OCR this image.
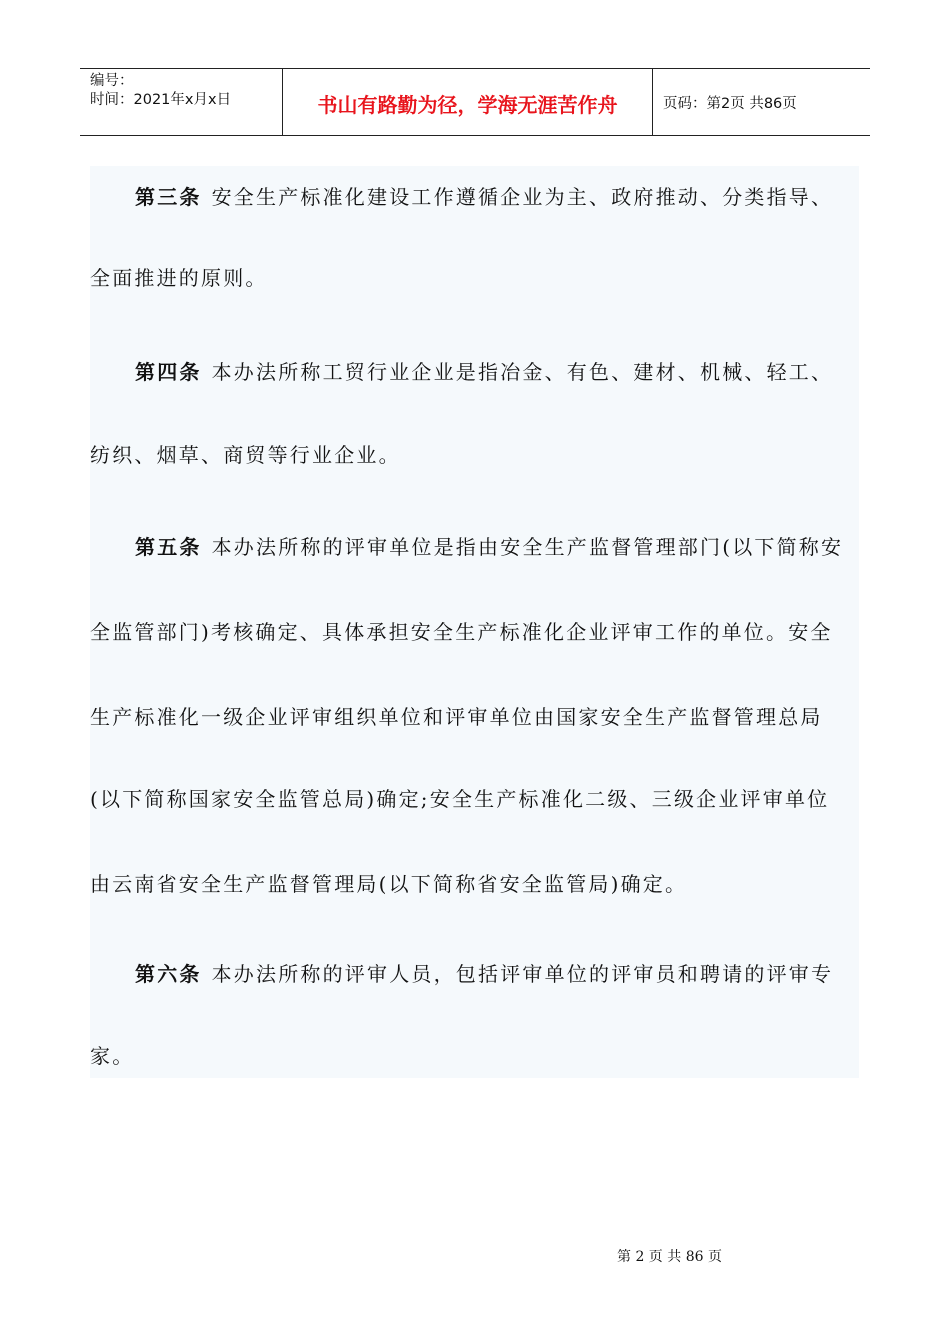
编号：
时间：2021年x月x日	书山有路勤为径，学海无涯苦作舟	页码：第2页 共86页
第三条 安全生产标准化建设工作遵循企业为主、政府推动、分类指导、
全面推进的原则。
第四条 本办法所称工贸行业企业是指冶金、有色、建材、机械、轻工、
纺织、烟草、商贸等行业企业。
第五条 本办法所称的评审单位是指由安全生产监督管理部门(以下简称安
全监管部门)考核确定、具体承担安全生产标准化企业评审工作的单位。安全
生产标准化一级企业评审组织单位和评审单位由国家安全生产监督管理总局
(以下简称国家安全监管总局)确定;安全生产标准化二级、三级企业评审单位
由云南省安全生产监督管理局(以下简称省安全监管局)确定。
第六条 本办法所称的评审人员，包括评审单位的评审员和聘请的评审专
家。
第 2 页 共 86 页
